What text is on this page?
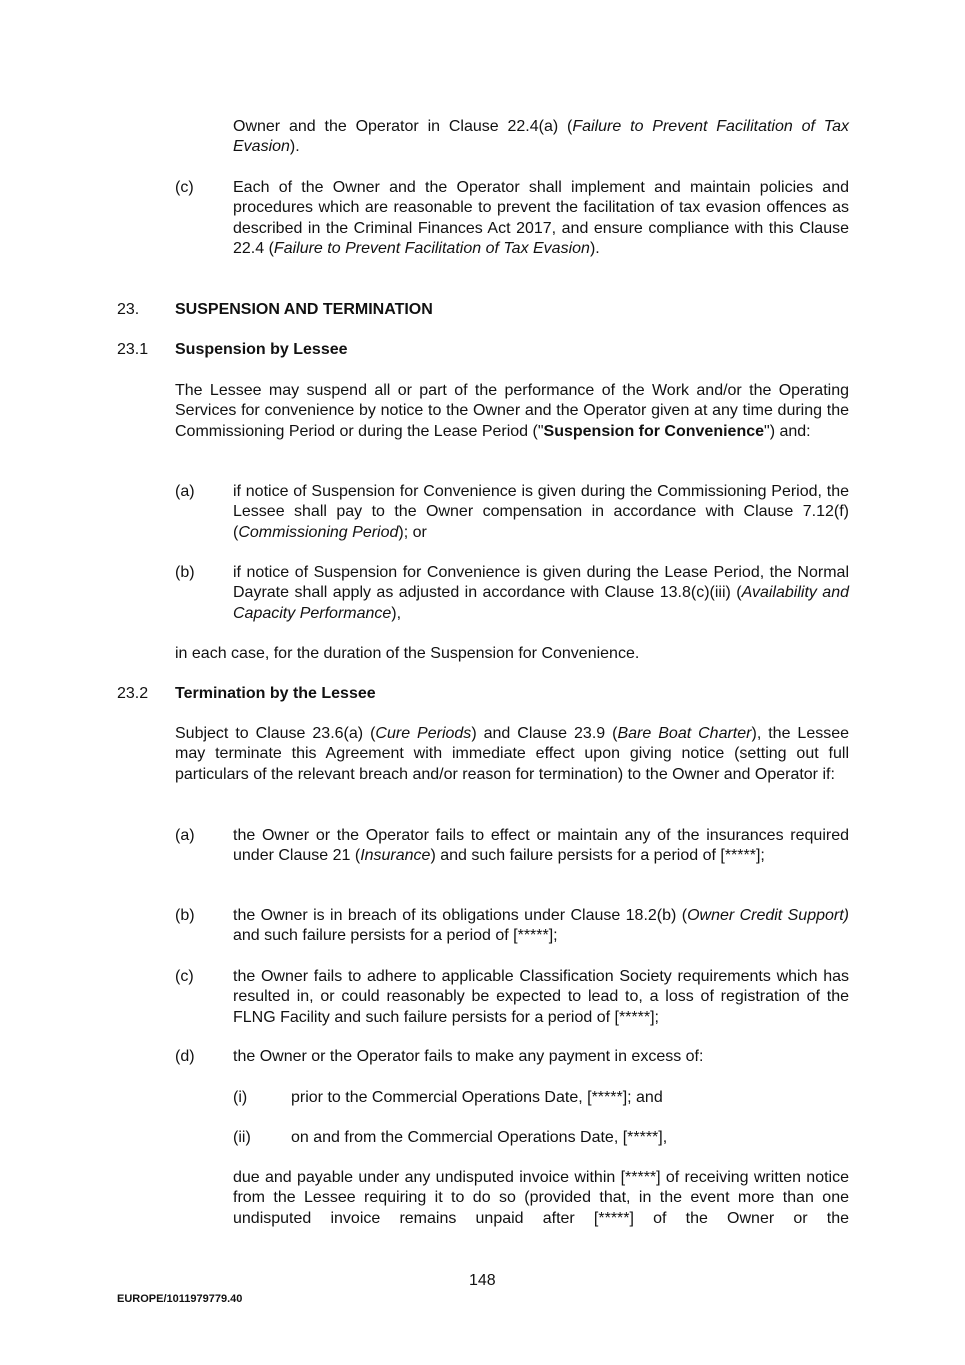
Owner and the Operator in Clause 22.4(a) (Failure to Prevent Facilitation of Tax Evasion).

(c) Each of the Owner and the Operator shall implement and maintain policies and procedures which are reasonable to prevent the facilitation of tax evasion offences as described in the Criminal Finances Act 2017, and ensure compliance with this Clause 22.4 (Failure to Prevent Facilitation of Tax Evasion).

23. SUSPENSION AND TERMINATION
23.1 Suspension by Lessee

The Lessee may suspend all or part of the performance of the Work and/or the Operating Services for convenience by notice to the Owner and the Operator given at any time during the Commissioning Period or during the Lease Period ("Suspension for Convenience") and:

(a) if notice of Suspension for Convenience is given during the Commissioning Period, the Lessee shall pay to the Owner compensation in accordance with Clause 7.12(f) (Commissioning Period); or

(b) if notice of Suspension for Convenience is given during the Lease Period, the Normal Dayrate shall apply as adjusted in accordance with Clause 13.8(c)(iii) (Availability and Capacity Performance),

in each case, for the duration of the Suspension for Convenience.

23.2 Termination by the Lessee

Subject to Clause 23.6(a) (Cure Periods) and Clause 23.9 (Bare Boat Charter), the Lessee may terminate this Agreement with immediate effect upon giving notice (setting out full particulars of the relevant breach and/or reason for termination) to the Owner and Operator if:

(a) the Owner or the Operator fails to effect or maintain any of the insurances required under Clause 21 (Insurance) and such failure persists for a period of [*****];

(b) the Owner is in breach of its obligations under Clause 18.2(b) (Owner Credit Support) and such failure persists for a period of [*****];

(c) the Owner fails to adhere to applicable Classification Society requirements which has resulted in, or could reasonably be expected to lead to, a loss of registration of the FLNG Facility and such failure persists for a period of [*****];

(d) the Owner or the Operator fails to make any payment in excess of:

(i)	prior to the Commercial Operations Date, [*****]; and

(ii)	on and from the Commercial Operations Date, [*****],

due and payable under any undisputed invoice within [*****] of receiving written notice from the Lessee requiring it to do so (provided that, in the event more than one undisputed invoice remains unpaid after [*****] of the Owner or the

148
EUROPE/1011979779.40
